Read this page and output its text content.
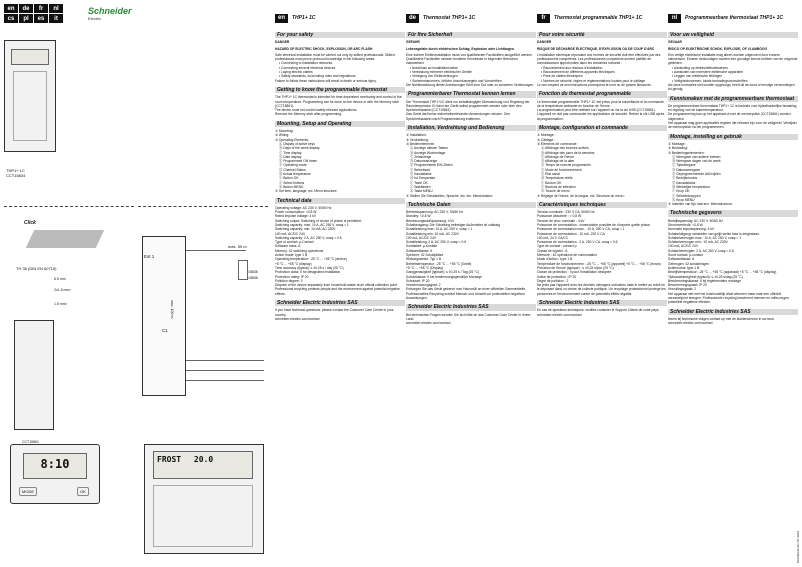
en	de	fr	nl
cs	pl	es	it
Schneider
Electric
THP1+ 1C
CCT15834
Click
TH 35 (DIN EN 60715)
6.5 mm
2x1.5 mm²
1.5 mm²
CCT15861
Ext 1
C1
max. 50 m
max. 100 m
15835
15836
8:10
MODE	OK
FROST 20.0
en	THP1+ 1C
For your safety
DANGER
HAZARD OF ELECTRIC SHOCK, EXPLOSION, OR ARC FLASH
Safe electrical installation must be carried out only by skilled professionals. Skilled professionals must prove profound knowledge in the following areas:
• Connecting to installation networks.
• Connecting several electrical devices
• Laying electric cables
• Safety standards, local wiring rules and regulations
Failure to follow these instructions will result in death or serious injury.
Getting to know the programmable thermostat
The THP1+ 1C thermostat is intended for time-dependent monitoring and control of the room temperature. Programming can be done on the device or with the Memory stick (CCT15861).
The device must not control safety-relevant applications.
Remove the Memory stick after programming.
Mounting, Setup and Operating
① Mounting:
② Wiring:
③ Operating Elements:
Ⓐ Display of active keys
Ⓑ Days of the week display
Ⓒ Time display
Ⓓ Date display
Ⓔ Programmed ON times
Ⓕ Operating mode
Ⓖ Channel Status
Ⓗ Actual temperature
Ⓘ Button OK
Ⓙ Select buttons
Ⓚ Button MENU
④ Set time, language, etc. Menu structure:
Technical data
Operating voltage: AC 230 V, 50/60 Hz
Power consumption: <0.8 W
Rated impulse voltage: 4 kV
Switching output: Switching of choice of phase is permitted.
Switching capacity: max. 10 A, AC 250 V, cosφ = 1
Switching capacity: min. 10 mA, AC 230V
100 mA, AC/DC 24V
Switching capacity: 2 A, AC 250 V, cosφ = 0.6
Type of contact: µ-Contact
Software class: A
Memory: 42 switching operations
Action mode: type 1 B
Operating temperature: -25 °C ... +55 °C (device)
+5 °C ... +55 °C (display)
Time accuracy (typical): ≤ ±0.25 s / day (25 °C)
Protection class: II for designated installation
Protection rating: IP 20
Pollution degree: 2
Dispose of the device separately from household waste at an official collection point. Professional recycling protects people and the environment against potential negative effects.
Schneider Electric Industries SAS
If you have technical questions, please contact the Customer Care Centre in your country.
schneider-electric.com/contact
de	Thermostat THP1+ 1C
Für Ihre Sicherheit
GEFAHR
Lebensgefahr durch elektrischen Schlag, Explosion oder Lichtbogen.
Eine sichere Elektroinstallation muss von qualifizierten Fachkräften ausgeführt werden. Qualifizierte Fachkräfte müssen fundierte Kenntnisse in folgenden Bereichen nachweisen:
• Anschluss an Installationsnetze
• Verbindung mehrerer elektrischer Geräte
• Verlegung von Elektroleitungen
• Sicherheitsnormen, örtliche Anschlussregeln und Vorschriften
Die Nichtbeachtung dieser Anweisungen führt zum Tod oder zu schweren Verletzungen.
Programmierbarer Thermostat kennen lernen
Der Thermostat THP1+1C dient zur zeitabhängigen Überwachung und Regelung der Raumtemperatur. Er kann am Gerät selbst programmiert werden oder über den Speicherbaustein (CCT15861).
Das Gerät darf keine sicherheitsrelevanten Anwendungen steuern. Den Speicherbaustein nach Programmierung entfernen.
Installation, Verdrahtung und Bedienung
① Installation:
② Verdrahtung:
③ Bedienelemente:
Ⓐ Anzeige aktiven Tasten
Ⓑ Anzeige Wochentage
Ⓒ Zeitanzeige
Ⓓ Datumsanzeige
Ⓔ Programmierte EIN-Zeiten
Ⓕ Betriebsart
Ⓖ Kanalstatus
Ⓗ Ist-Temperatur
Ⓘ Taste OK
Ⓙ Wahltasten
Ⓚ Taste MENU
④ Stellen Sie Schaltzeiten, Sprache, etc. ein. Menüstruktur:
Technische Daten
Betriebsspannung: AC 230 V, 50/60 Hz
Standby: <0.8 W
Bemessungsstoßspannung: 4 kV
Schaltausgang: Die Schaltung beliebiger Außenleiter ist zulässig
Schaltleistung max: 10 A, AC 250 V, cosφ = 1
Schaltleistung min: 10 mA, AC 230V
100 mA, AC/DC 24V
Schaltleistung: 2 A, AC 250 V, cosφ = 0.6
Kontaktart: µ-Kontakt
Softwareklasse: A
Speicher: 42 Schaltplätze
Wirkungsweise: Typ 1 B
Betriebstemperatur: -25 °C ... +55 °C (Gerät)
+5 °C ... +55 °C (Display)
Ganggenauigkeit (typisch): ≤ ±0,25 s / Tag (25 °C)
Schutzklasse: II bei bestimmungsgemäßer Montage
Schutzart: IP 20
Verschmutzungsgrad: 2
Entsorgen Sie das Gerät getrennt vom Hausmüll an einer offiziellen Sammelstelle. Professionelles Recycling schützt Mensch und Umwelt vor potenziellen negativen Auswirkungen.
Schneider Electric Industries SAS
Bei technischen Fragen wenden Sie sich bitte an das Customer Care Center in Ihrem Land.
schneider-electric.com/contact
fr	Thermostat programmable THP1+ 1C
Pour votre sécurité
DANGER
RISQUE DE DÉCHARGE ÉLECTRIQUE, D'EXPLOSION OU DE COUP D'ARC
L'installation électrique répondant aux normes de sécurité doit être effectuée par des professionnels compétents. Les professionnels compétents doivent justifier de connaissances approfondies dans les domaines suivants :
• Raccordement aux réseaux d'installation
• Raccordement de différents appareils électriques
• Pose de câbles électriques
• Normes de sécurité, règles et réglementations locales pour le câblage
Le non-respect de ces instructions provoquera la mort ou de graves blessures.
Fonction du thermostat programmable
Le thermostat programmable THP1+ 1C est prévu pour la surveillance et la commande de la température ambiante en fonction de l'heure.
La programmation peut être réalisée sur l'appareil ou via la clé USB (CCT15861).
L'appareil ne doit pas commander les applications de sécurité. Retirer la clé USB après la programmation.
Montage, configuration et commande
① Montage :
② Câblage :
③ Éléments de commande :
Ⓐ Affichage des touches actives
Ⓑ Affichage des jours de la semaine
Ⓒ Affichage de l'heure
Ⓓ Affichage de la date
Ⓔ Temps de marche programmés
Ⓕ Mode de fonctionnement
Ⓖ État canal
Ⓗ Température réelle
Ⓘ Bouton OK
Ⓙ Boutons de sélection
Ⓚ Touche de menu
④ Réglage de l'heure, de la langue, etc. Structure du menu :
Caractéristiques techniques
Tension nominale : 230 V CA, 50/60 Hz
Puissance absorbée : < 0,8 W
Tension de choc nominale : 4 kV
Puissance de commutation : commutation possible de n'importe quelle phase.
Puissance de commutation max. : 10 A, 250 V CA, cosφ = 1
Puissance de commutation : 10 mA, 230 V CA
100 mA, 24 V CA/CC
Puissance de commutation : 2 A, 250 V CA, cosφ = 0,6
Type de contact : contact µ
Classe de logiciel : A
Mémoire : 42 opérations de commutation
Mode d'action : type 1 B
Température de fonctionnement : -25 °C ... +55 °C (appareil) +5 °C ... +55 °C (écran)
Précision de l'heure (typique) : ≤ ±0,25 s/jour (25 °C)
Classe de protection : II pour l'installation désignée
Indice de protection : IP 20
Degré de pollution : 2
Ne jetez pas l'appareil avec les déchets ménagers ordinaires mais le mettre au rebut en le déposant dans un centre de collecte publique. Un recyclage professionnel protège les personnes et l'environnement contre de potentiels effets négatifs.
Schneider Electric Industries SAS
En cas de questions techniques, veuillez contacter le Support Clients de votre pays.
schneider-electric.com/contact
nl	Programmeerbare thermostaat THP1+ 1C
Voor uw veiligheid
GEVAAR
RISICO OP ELEKTRISCHE SCHOK, EXPLOSIE, OF VLAMBOOG
Een veilige elektrische installatie mag alleen worden uitgevoerd door ervaren vakmensen. Ervaren deskundigen moeten een grondige kennis hebben van de volgende gebieden:
• Aansluiting op elektriciteitsnetwerken
• Aansluiten van meerdere elektrische apparaten
• Leggen van elektrische leidingen
• Veiligheidsnormen, lokale bedradingsvoorschriften
Als deze instructies niet worden opgevolgd, heeft dit de dood of ernstige verwondingen tot gevolg.
Kennismaken met de programmeerbare thermostaat
De programmeerbare thermostaat THP1+ 1C is bedoeld voor tijdsafhankelijke bewaking en regeling van de kamertemperatuur.
De programmering kan op het apparaat of met de memorystick (CCT15861) worden uitgevoerd.
Het apparaat mag geen applicaties regelen die relevant zijn voor de veiligheid. Verwijder de memorystick na het programmeren.
Montage, instelling en gebruik
① Montage:
② Bedrading:
③ Bedieningselementen:
Ⓐ Weergave van actieve toetsen
Ⓑ Weergave dagen van de week
Ⓒ Tijdweergave
Ⓓ Datumweergave
Ⓔ Geprogrammeerde AAN-tijden
Ⓕ Bedrijfsmodus
Ⓖ Kanaalstatus
Ⓗ Werkelijke temperatuur
Ⓘ Knop OK
Ⓙ Selectieknoppen
Ⓚ Knop MENU
④ Instellen van tijd, taal enz. Menustructuur:
Technische gegevens
Bedrijfsspanning: AC 230 V, 50/60 Hz
Stroomverbruik: <0,8 W
Nominale impulsspanning: 4 kV
Schakeluitgang: schakelen van gelijk welke fase is toegestaan.
Schakelvermogen max.: 10 A, AC 250 V, cosφ = 1
Schakelvermogen min.: 10 mA, AC 230V
100 mA, AC/DC 24V
Schakelvermogen: 2 A, AC 250 V, cosφ = 0,6
Soort contact: µ-contact
Softwareklasse: A
Geheugen: 42 schakelingen
Actiemodus: type 1 B
Bedrijfstemperatuur: -25 °C ... +55 °C (apparaat) +5 °C ... +55 °C (display)
Tijdnauwkeurigheid (typisch): ≤ ±0,25 s/dag (25 °C)
Beschermingsklasse: II bij reglementaire montage
Beschermingsgraad: IP 20
Vervuilingsgraad: 2
Het apparaat niet met het huishoudelijk afval afvoeren maar naar een officieel verzamelpunt brengen. Professionele recycling beschermt mensen en milieu tegen potentiële negatieve effecten.
Schneider Electric Industries SAS
Neem bij technische vragen contact op met de klantenservice in uw land.
schneider-electric.com/contact
PHA69332-00 / 07.2019
